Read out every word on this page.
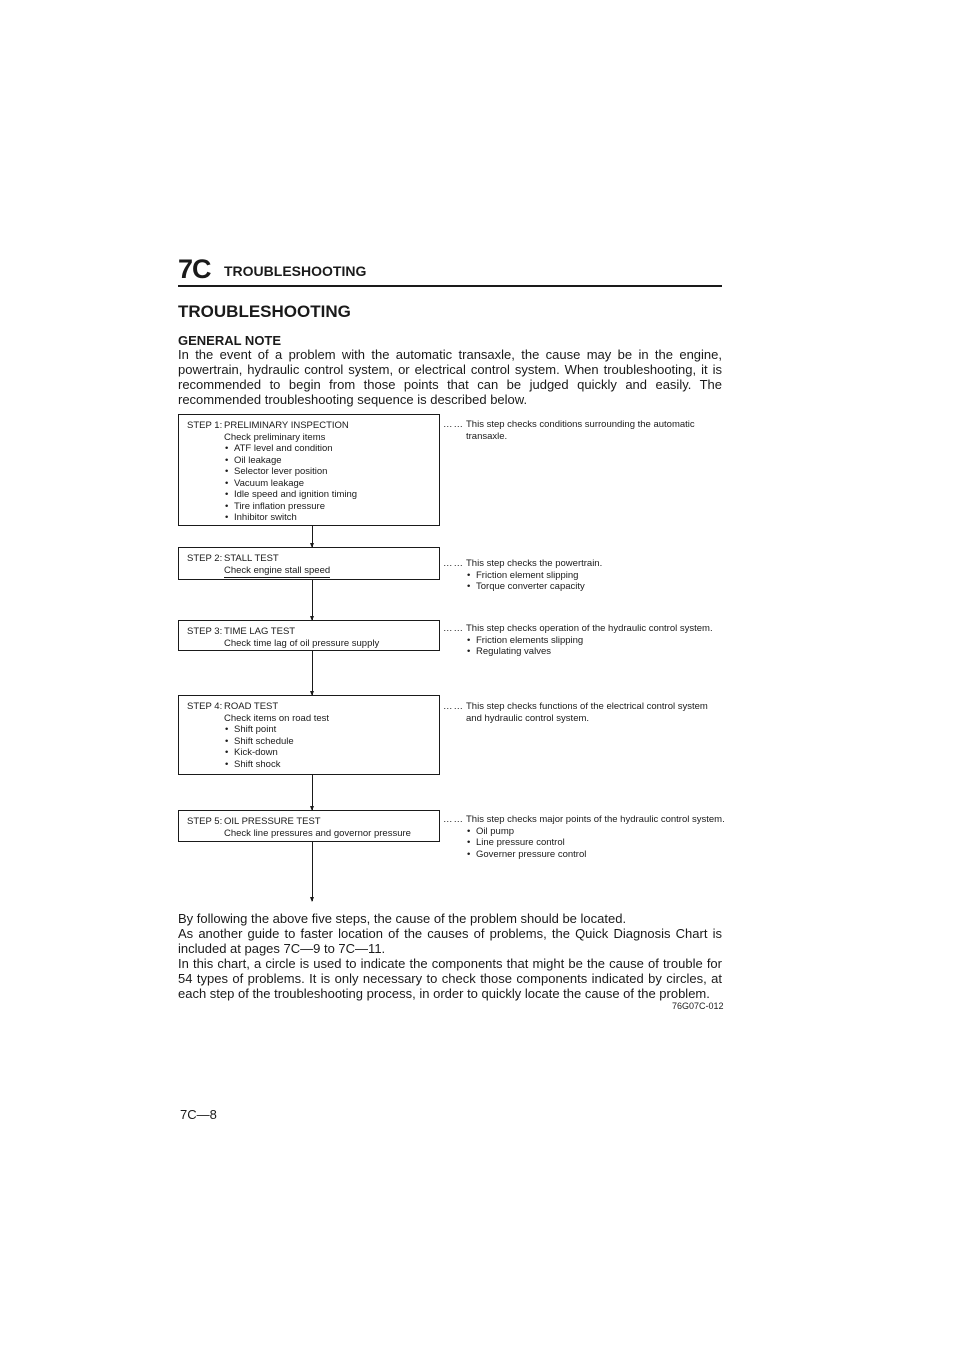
7C TROUBLESHOOTING
TROUBLESHOOTING
GENERAL NOTE

In the event of a problem with the automatic transaxle, the cause may be in the engine, powertrain, hydraulic control system, or electrical control system. When troubleshooting, it is recommended to begin from those points that can be judged quickly and easily. The recommended troubleshooting sequence is described below.

STEP 1: PRELIMINARY INSPECTION
Check preliminary items
• ATF level and condition
• Oil leakage
• Selector lever position
• Vacuum leakage
• Idle speed and ignition timing
• Tire inflation pressure
• Inhibitor switch
…… This step checks conditions surrounding the automatic
transaxle.
STEP 2: STALL TEST
Check engine stall speed
…… This step checks the powertrain.
• Friction element slipping
• Torque converter capacity
STEP 3: TIME LAG TEST
Check time lag of oil pressure supply
…… This step checks operation of the hydraulic control system.
• Friction elements slipping
• Regulating valves
STEP 4: ROAD TEST
Check items on road test
• Shift point
• Shift schedule
• Kick-down
• Shift shock
…… This step checks functions of the electrical control system
and hydraulic control system.
STEP 5: OIL PRESSURE TEST
Check line pressures and governor pressure
…… This step checks major points of the hydraulic control system.
• Oil pump
• Line pressure control
• Governer pressure control

By following the above five steps, the cause of the problem should be located.

As another guide to faster location of the causes of problems, the Quick Diagnosis Chart is included at pages 7C—9 to 7C—11.

In this chart, a circle is used to indicate the components that might be the cause of trouble for 54 types of problems. It is only necessary to check those components indicated by circles, at each step of the troubleshooting process, in order to quickly locate the cause of the problem.

76G07C-012
7C—8
